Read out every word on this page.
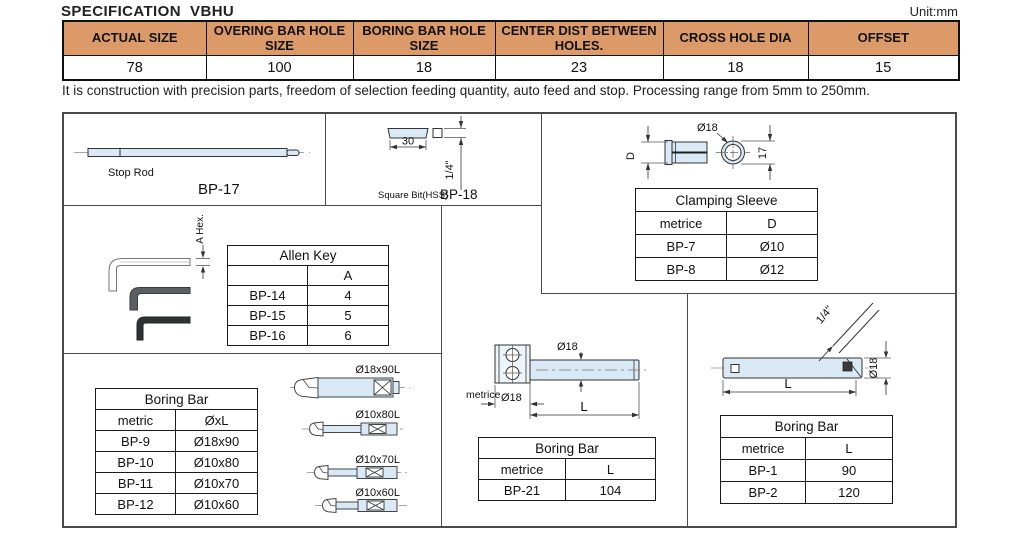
SPECIFICATION  VBHU	Unit:mm
ACTUAL SIZE	OVERING BAR HOLE SIZE	BORING BAR HOLE SIZE	CENTER DIST BETWEEN HOLES.	CROSS HOLE DIA	OFFSET
78	100	18	23	18	15
It is construction with precision parts, freedom of selection feeding quantity, auto feed and stop. Processing range from 5mm to 250mm.
Stop Rod
BP-17
30
1/4"
Square Bit(HSS)
BP-18
D
Ø18
17
Clamping Sleeve	
metrice	D
BP-7	Ø10
BP-8	Ø12
A Hex.
Allen Key	
	A
BP-14	4
BP-15	5
BP-16	6
Boring Bar	
metric	ØxL
BP-9	Ø18x90
BP-10	Ø10x80
BP-11	Ø10x70
BP-12	Ø10x60
Ø18x90L
Ø10x80L
Ø10x70L
Ø10x60L
Ø18
metrice Ø18
L
Boring Bar	
metrice	L
BP-21	104
1/4"
Ø18
L
Boring Bar	
metrice	L
BP-1	90
BP-2	120
